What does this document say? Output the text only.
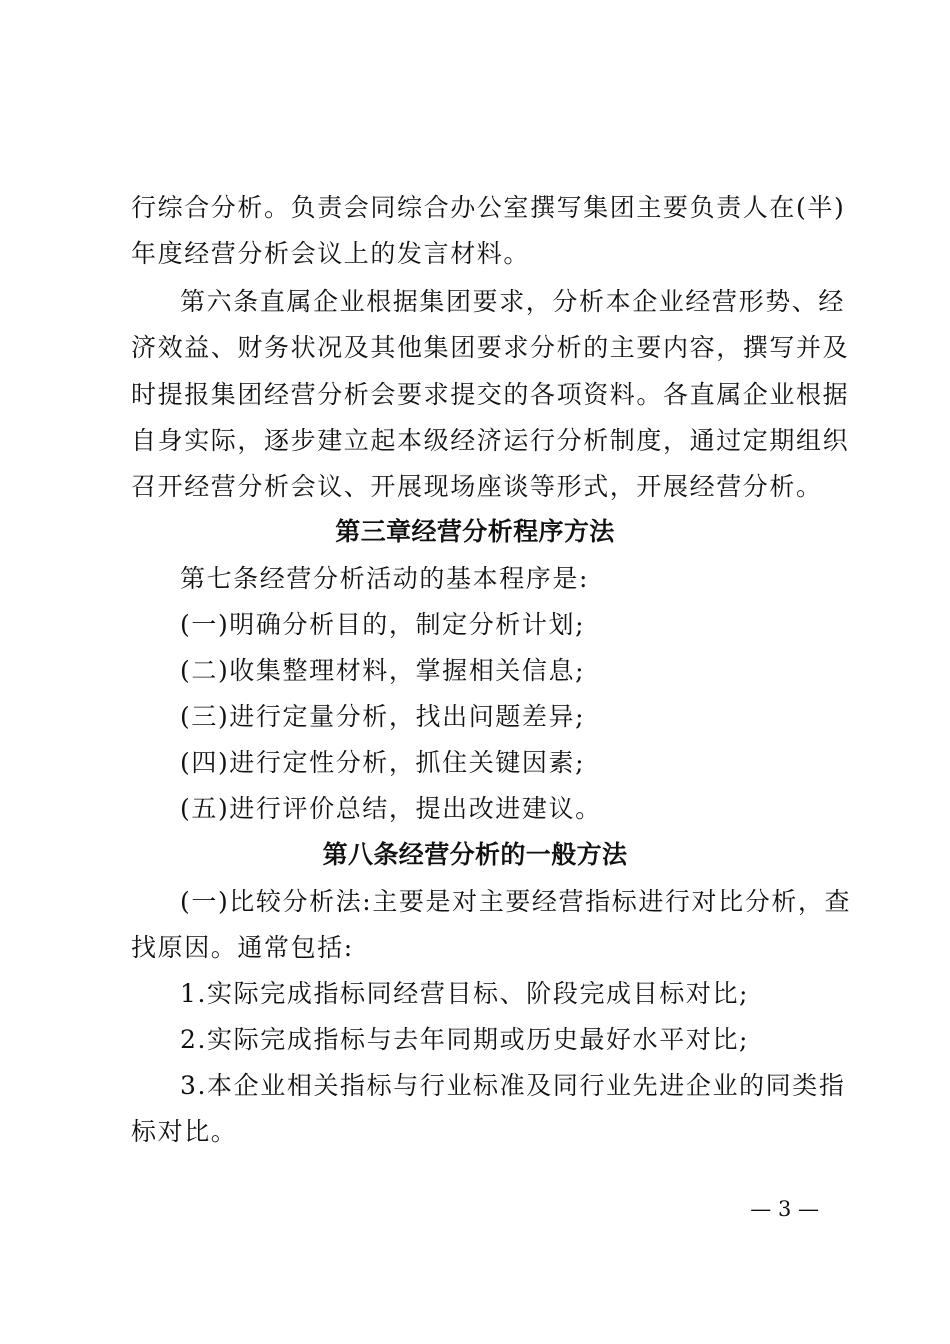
行综合分析。负责会同综合办公室撰写集团主要负责人在(半)
年度经营分析会议上的发言材料。
第六条直属企业根据集团要求，分析本企业经营形势、经
济效益、财务状况及其他集团要求分析的主要内容，撰写并及
时提报集团经营分析会要求提交的各项资料。各直属企业根据
自身实际，逐步建立起本级经济运行分析制度，通过定期组织
召开经营分析会议、开展现场座谈等形式，开展经营分析。
第三章经营分析程序方法
第七条经营分析活动的基本程序是:
(一)明确分析目的，制定分析计划;
(二)收集整理材料，掌握相关信息;
(三)进行定量分析，找出问题差异;
(四)进行定性分析，抓住关键因素;
(五)进行评价总结，提出改进建议。
第八条经营分析的一般方法
(一)比较分析法:主要是对主要经营指标进行对比分析，查
找原因。通常包括:
1.实际完成指标同经营目标、阶段完成目标对比;
2.实际完成指标与去年同期或历史最好水平对比;
3.本企业相关指标与行业标准及同行业先进企业的同类指
标对比。
— 3 —
